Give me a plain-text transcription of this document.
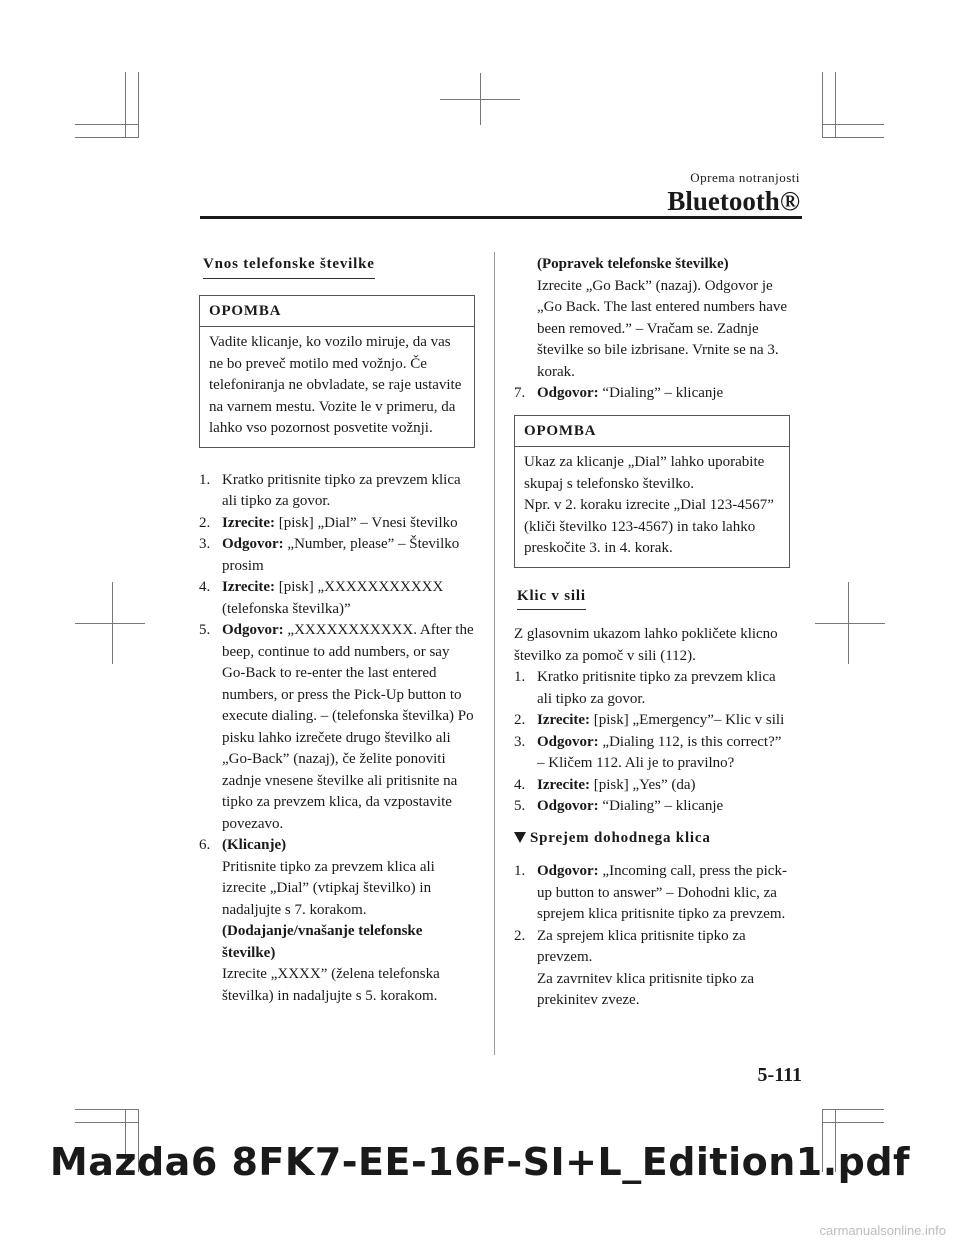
Oprema notranjosti
Bluetooth®
Vnos telefonske številke
OPOMBA
Vadite klicanje, ko vozilo miruje, da vas ne bo preveč motilo med vožnjo. Če telefoniranja ne obvladate, se raje ustavite na varnem mestu. Vozite le v primeru, da lahko vso pozornost posvetite vožnji.
1. Kratko pritisnite tipko za prevzem klica ali tipko za govor.
2. Izrecite: [pisk] „Dial” – Vnesi številko
3. Odgovor: „Number, please” – Številko prosim
4. Izrecite: [pisk] „XXXXXXXXXXX (telefonska številka)”
5. Odgovor: „XXXXXXXXXXX. After the beep, continue to add numbers, or say Go-Back to re-enter the last entered numbers, or press the Pick-Up button to execute dialing. – (telefonska številka) Po pisku lahko izrečete drugo številko ali „Go-Back” (nazaj), če želite ponoviti zadnje vnesene številke ali pritisnite na tipko za prevzem klica, da vzpostavite povezavo.
6. (Klicanje)
Pritisnite tipko za prevzem klica ali izrecite „Dial” (vtipkaj številko) in nadaljujte s 7. korakom.
(Dodajanje/vnašanje telefonske številke)
Izrecite „XXXX” (želena telefonska številka) in nadaljujte s 5. korakom.
(Popravek telefonske številke)
Izrecite „Go Back” (nazaj). Odgovor je „Go Back. The last entered numbers have been removed.” – Vračam se. Zadnje številke so bile izbrisane. Vrnite se na 3. korak.
7. Odgovor: “Dialing” – klicanje
OPOMBA
Ukaz za klicanje „Dial” lahko uporabite skupaj s telefonsko številko.
Npr. v 2. koraku izrecite „Dial 123-4567” (kliči številko 123-4567) in tako lahko preskočite 3. in 4. korak.
Klic v sili

Z glasovnim ukazom lahko pokličete klicno številko za pomoč v sili (112).

1. Kratko pritisnite tipko za prevzem klica ali tipko za govor.
2. Izrecite: [pisk] „Emergency”– Klic v sili
3. Odgovor: „Dialing 112, is this correct?” – Kličem 112. Ali je to pravilno?
4. Izrecite: [pisk] „Yes” (da)
5. Odgovor: “Dialing” – klicanje
Sprejem dohodnega klica
1. Odgovor: „Incoming call, press the pick-up button to answer” – Dohodni klic, za sprejem klica pritisnite tipko za prevzem.
2. Za sprejem klica pritisnite tipko za prevzem.
Za zavrnitev klica pritisnite tipko za prekinitev zveze.
5-111
Mazda6 8FK7-EE-16F-SI+L_Edition1.pdf
carmanualsonline.info
